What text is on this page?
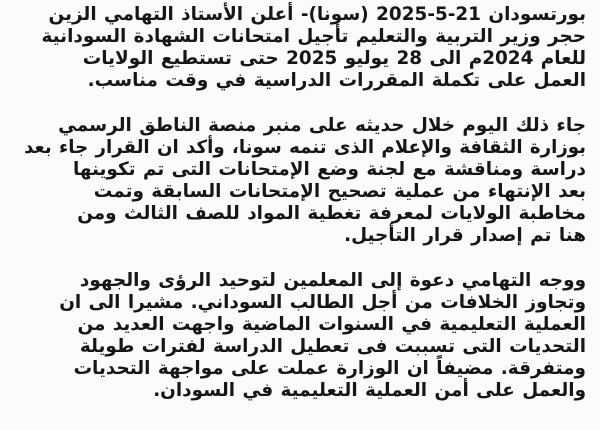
بورتسودان 21-5-2025 (سونا)- أعلن الأستاذ التهامي الزين
حجر وزير التربية والتعليم تأجيل امتحانات الشهادة السودانية
للعام 2024م الى 28 يوليو 2025 حتى تستطيع الولايات
العمل على تكملة المقررات الدراسية في وقت مناسب.

جاء ذلك اليوم خلال حديثه على منبر منصة الناطق الرسمي
بوزارة الثقافة والإعلام الذى تنمه سونا، وأكد ان القرار جاء بعد
دراسة ومناقشة مع لجنة وضع الإمتحانات التى تم تكوينها
بعد الإنتهاء من عملية تصحيح الإمتحانات السابقة وتمت
مخاطبة الولايات لمعرفة تغطية المواد للصف الثالث ومن
هنا تم إصدار قرار التأجيل.

ووجه التهامي دعوة إلى المعلمين لتوحيد الرؤى والجهود
وتجاوز الخلافات من أجل الطالب السوداني. مشيرا الى ان
العملية التعليمية في السنوات الماضية واجهت العديد من
التحديات التى تسببت فى تعطيل الدراسة لفترات طويلة
ومتفرقة. مضيفاً ان الوزارة عملت على مواجهة التحديات
والعمل على أمن العملية التعليمية في السودان.
